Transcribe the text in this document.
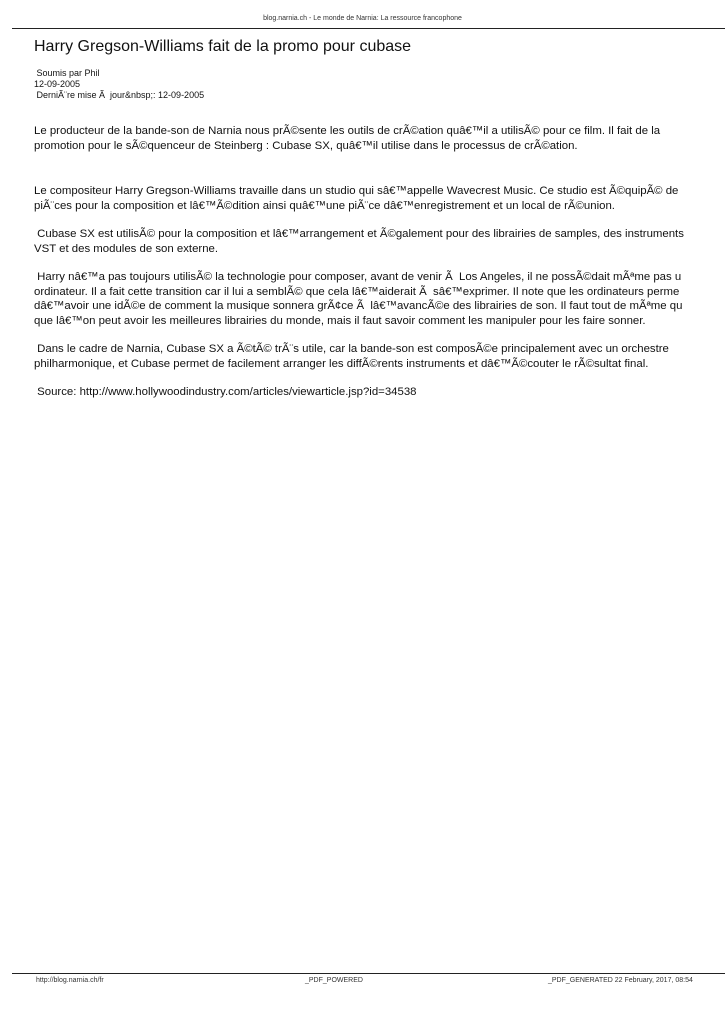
blog.narnia.ch - Le monde de Narnia: La ressource francophone
Harry Gregson-Williams fait de la promo pour cubase
Soumis par Phil
12-09-2005
DerniÃ¨re mise Ã  jour&nbsp;: 12-09-2005

Le producteur de la bande-son de Narnia nous prÃ©sente les outils de crÃ©ation quâ€™il a utilisÃ© pour ce film. Il fait de la

promotion pour le sÃ©quenceur de Steinberg : Cubase SX, quâ€™il utilise dans le processus de crÃ©ation.

Le compositeur Harry Gregson-Williams travaille dans un studio qui sâ€™appelle Wavecrest Music. Ce studio est Ã©quipÃ© de

piÃ¨ces pour la composition et lâ€™Ã©dition ainsi quâ€™une piÃ¨ce dâ€™enregistrement et un local de rÃ©union.

Cubase SX est utilisÃ© pour la composition et lâ€™arrangement et Ã©galement pour des librairies de samples, des instruments

VST et des modules de son externe.

Harry nâ€™a pas toujours utilisÃ© la technologie pour composer, avant de venir Ã  Los Angeles, il ne possÃ©dait mÃªme pas u

ordinateur. Il a fait cette transition car il lui a semblÃ© que cela lâ€™aiderait Ã  sâ€™exprimer. Il note que les ordinateurs perme

dâ€™avoir une idÃ©e de comment la musique sonnera grÃ¢ce Ã  lâ€™avancÃ©e des librairies de son. Il faut tout de mÃªme qu

que lâ€™on peut avoir les meilleures librairies du monde, mais il faut savoir comment les manipuler pour les faire sonner.

Dans le cadre de Narnia, Cubase SX a Ã©tÃ© trÃ¨s utile, car la bande-son est composÃ©e principalement avec un orchestre

philharmonique, et Cubase permet de facilement arranger les diffÃ©rents instruments et dâ€™Ã©couter le rÃ©sultat final.

Source: http://www.hollywoodindustry.com/articles/viewarticle.jsp?id=34538

http://blog.narnia.ch/fr	_PDF_POWERED	_PDF_GENERATED 22 February, 2017, 08:54
